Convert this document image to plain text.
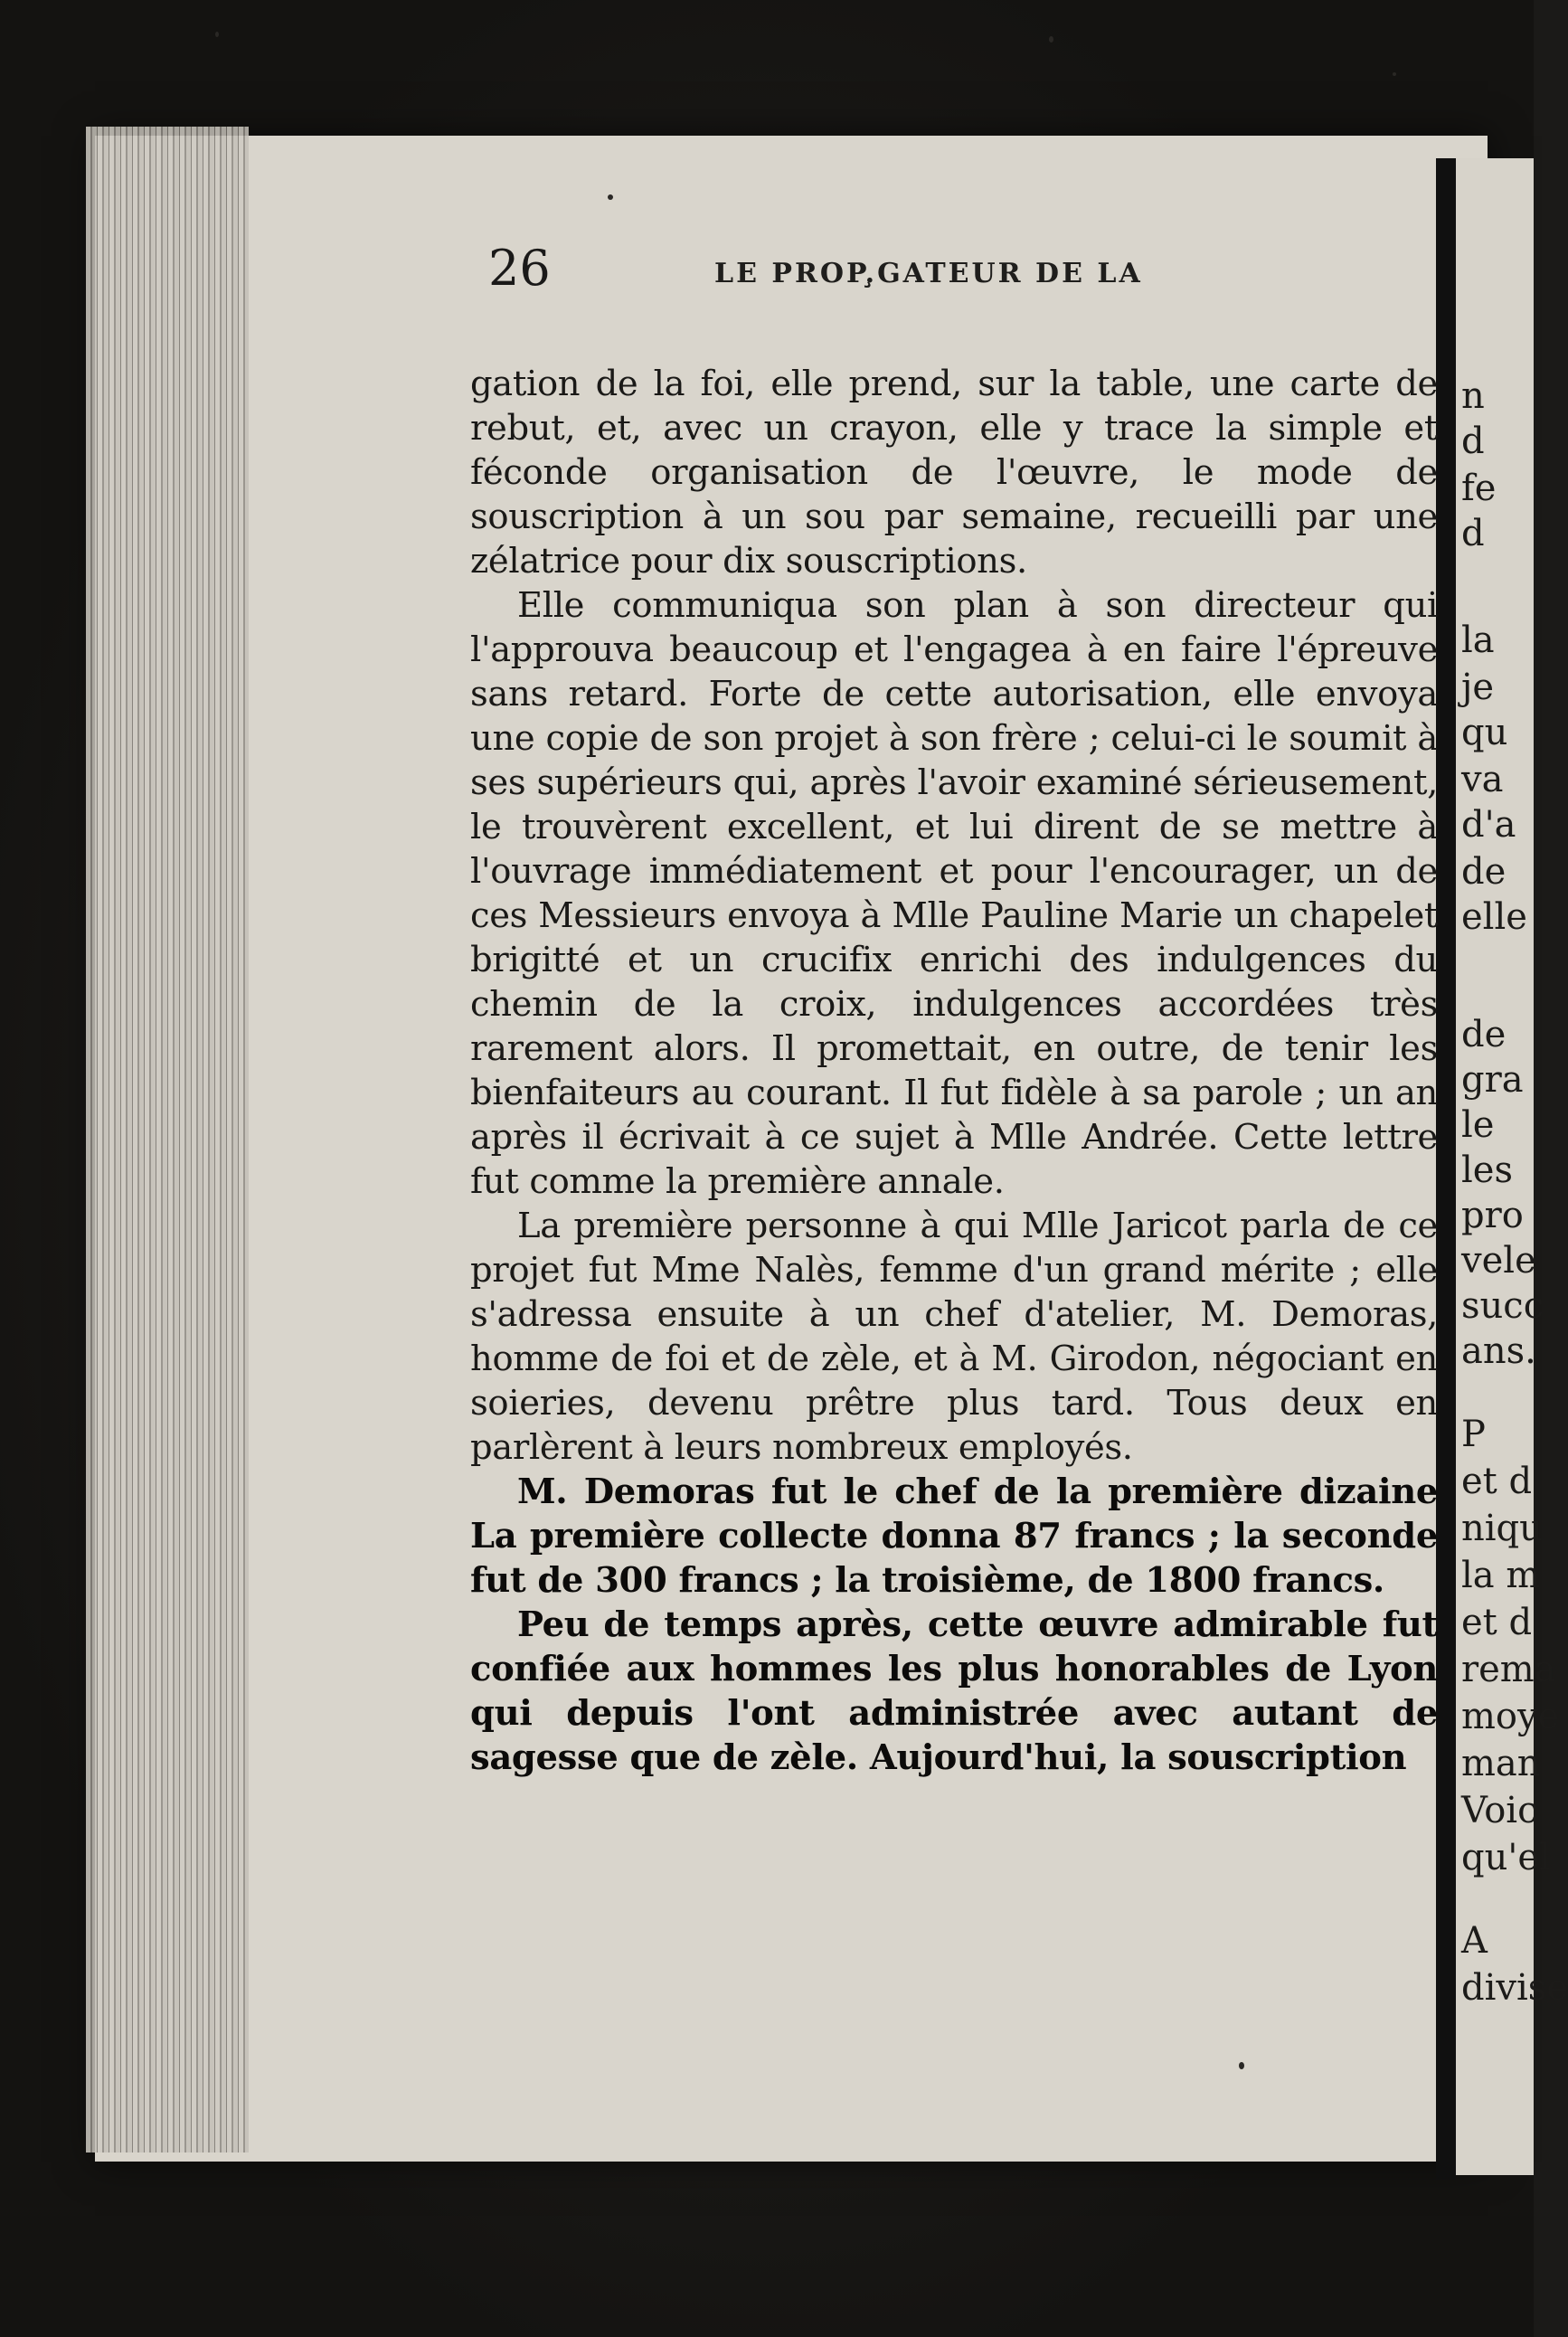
26	LE PROP.̧GATEUR DE LA

gation de la foi, elle prend, sur la table, une carte de rebut, et, avec un crayon, elle y trace la simple et féconde organisation de l'œuvre, le mode de souscription à un sou par semaine, recueilli par une zélatrice pour dix souscriptions.

Elle communiqua son plan à son directeur qui l'approuva beaucoup et l'engagea à en faire l'épreuve sans retard. Forte de cette autorisation, elle envoya une copie de son projet à son frère ; celui-ci le soumit à ses supérieurs qui, après l'avoir examiné sérieusement, le trouvèrent excellent, et lui dirent de se mettre à l'ouvrage immédiatement et pour l'encourager, un de ces Messieurs envoya à Mlle Pauline Marie un chapelet brigitté et un crucifix enrichi des indulgences du chemin de la croix, indulgences accordées très rarement alors. Il promettait, en outre, de tenir les bienfaiteurs au courant. Il fut fidèle à sa parole ; un an après il écrivait à ce sujet à Mlle Andrée. Cette lettre fut comme la première annale.

La première personne à qui Mlle Jaricot parla de ce projet fut Mme Nalès, femme d'un grand mérite ; elle s'adressa ensuite à un chef d'atelier, M. Demoras, homme de foi et de zèle, et à M. Girodon, négociant en soieries, devenu prêtre plus tard. Tous deux en parlèrent à leurs nombreux employés.

M. Demoras fut le chef de la première dizaine La première collecte donna 87 francs ; la seconde fut de 300 francs ; la troisième, de 1800 francs.

Peu de temps après, cette œuvre admirable fut confiée aux hommes les plus honorables de Lyon qui depuis l'ont administrée avec autant de sagesse que de zèle. Aujourd'hui, la souscription

n
d
fe
d
la
je
qu
va
d'a
de
elle
de
gra
le
les
pro
vele
succ
ans.
P
et d
niqu
la m
et d
rema
moye
man
Voic
qu'el
A
divise
